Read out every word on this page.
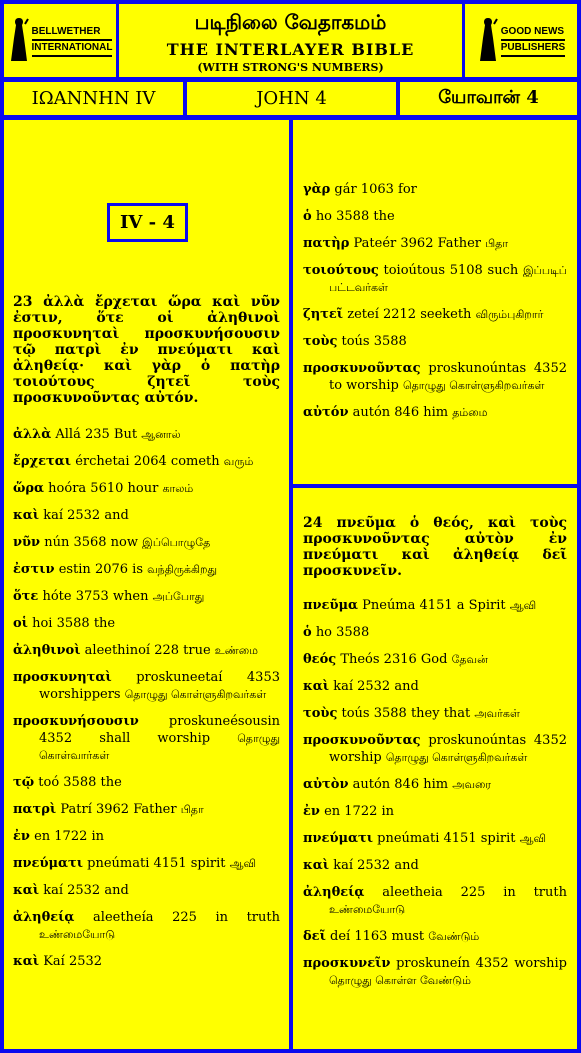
BELLWETHER
INTERNATIONAL
படிநிலை வேதாகமம்
THE INTERLAYER BIBLE
(WITH STRONG'S NUMBERS)
GOOD NEWS
PUBLISHERS
ΙΩΑΝΝΗΝ IV	JOHN 4	யோவான் 4
IV - 4
23 ἀλλὰ ἔρχεται ὥρα καὶ νῦν ἐστιν, ὅτε οἱ ἀληθινοὶ προσκυνηταὶ προσκυνήσουσιν τῷ πατρὶ ἐν πνεύματι καὶ ἀληθείᾳ· καὶ γὰρ ὁ πατὴρ τοιούτους ζητεῖ τοὺς προσκυνοῦντας αὐτόν.
ἀλλὰ Allá 235 But ஆனால்
ἔρχεται érchetai 2064 cometh வரும்
ὥρα hoóra 5610 hour காலம்
καὶ kaí 2532 and
νῦν nún 3568 now இப்பொழுதே
ἐστιν estin 2076 is வந்திருக்கிறது
ὅτε hóte 3753 when அப்போது
οἱ hoi 3588 the
ἀληθινοὶ aleethinoí 228 true உண்மை
προσκυνηταὶ proskuneetaí 4353 worshippers தொழுது கொள்ளுகிறவர்கள்
προσκυνήσουσιν proskuneésousin 4352 shall worship தொழுது கொள்வார்கள்
τῷ toó 3588 the
πατρὶ Patrí 3962 Father பிதா
ἐν en 1722 in
πνεύματι pneúmati 4151 spirit ஆவி
καὶ kaí 2532 and
ἀληθείᾳ aleetheía 225 in truth உண்மையோடு
καὶ Kaí 2532
γὰρ gár 1063 for
ὁ ho 3588 the
πατὴρ Pateér 3962 Father பிதா
τοιούτους toioútous 5108 such இப்படிப் பட்டவர்கள்
ζητεῖ zeteí 2212 seeketh விரும்புகிறார்
τοὺς toús 3588
προσκυνοῦντας proskunoúntas 4352 to worship தொழுது கொள்ளுகிறவர்கள்
αὐτόν autón 846 him தம்மை
24 πνεῦμα ὁ θεός, καὶ τοὺς προσκυνοῦντας αὐτὸν ἐν πνεύματι καὶ ἀληθείᾳ δεῖ προσκυνεῖν.
πνεῦμα Pneúma 4151 a Spirit ஆவி
ὁ ho 3588
θεός Theós 2316 God தேவன்
καὶ kaí 2532 and
τοὺς toús 3588 they that அவர்கள்
προσκυνοῦντας proskunoúntas 4352 worship தொழுது கொள்ளுகிறவர்கள்
αὐτὸν autón 846 him அவரை
ἐν en 1722 in
πνεύματι pneúmati 4151 spirit ஆவி
καὶ kaí 2532 and
ἀληθείᾳ aleetheia 225 in truth உண்மையோடு
δεῖ deí 1163 must வேண்டும்
προσκυνεῖν proskuneín 4352 worship தொழுது கொள்ள வேண்டும்
